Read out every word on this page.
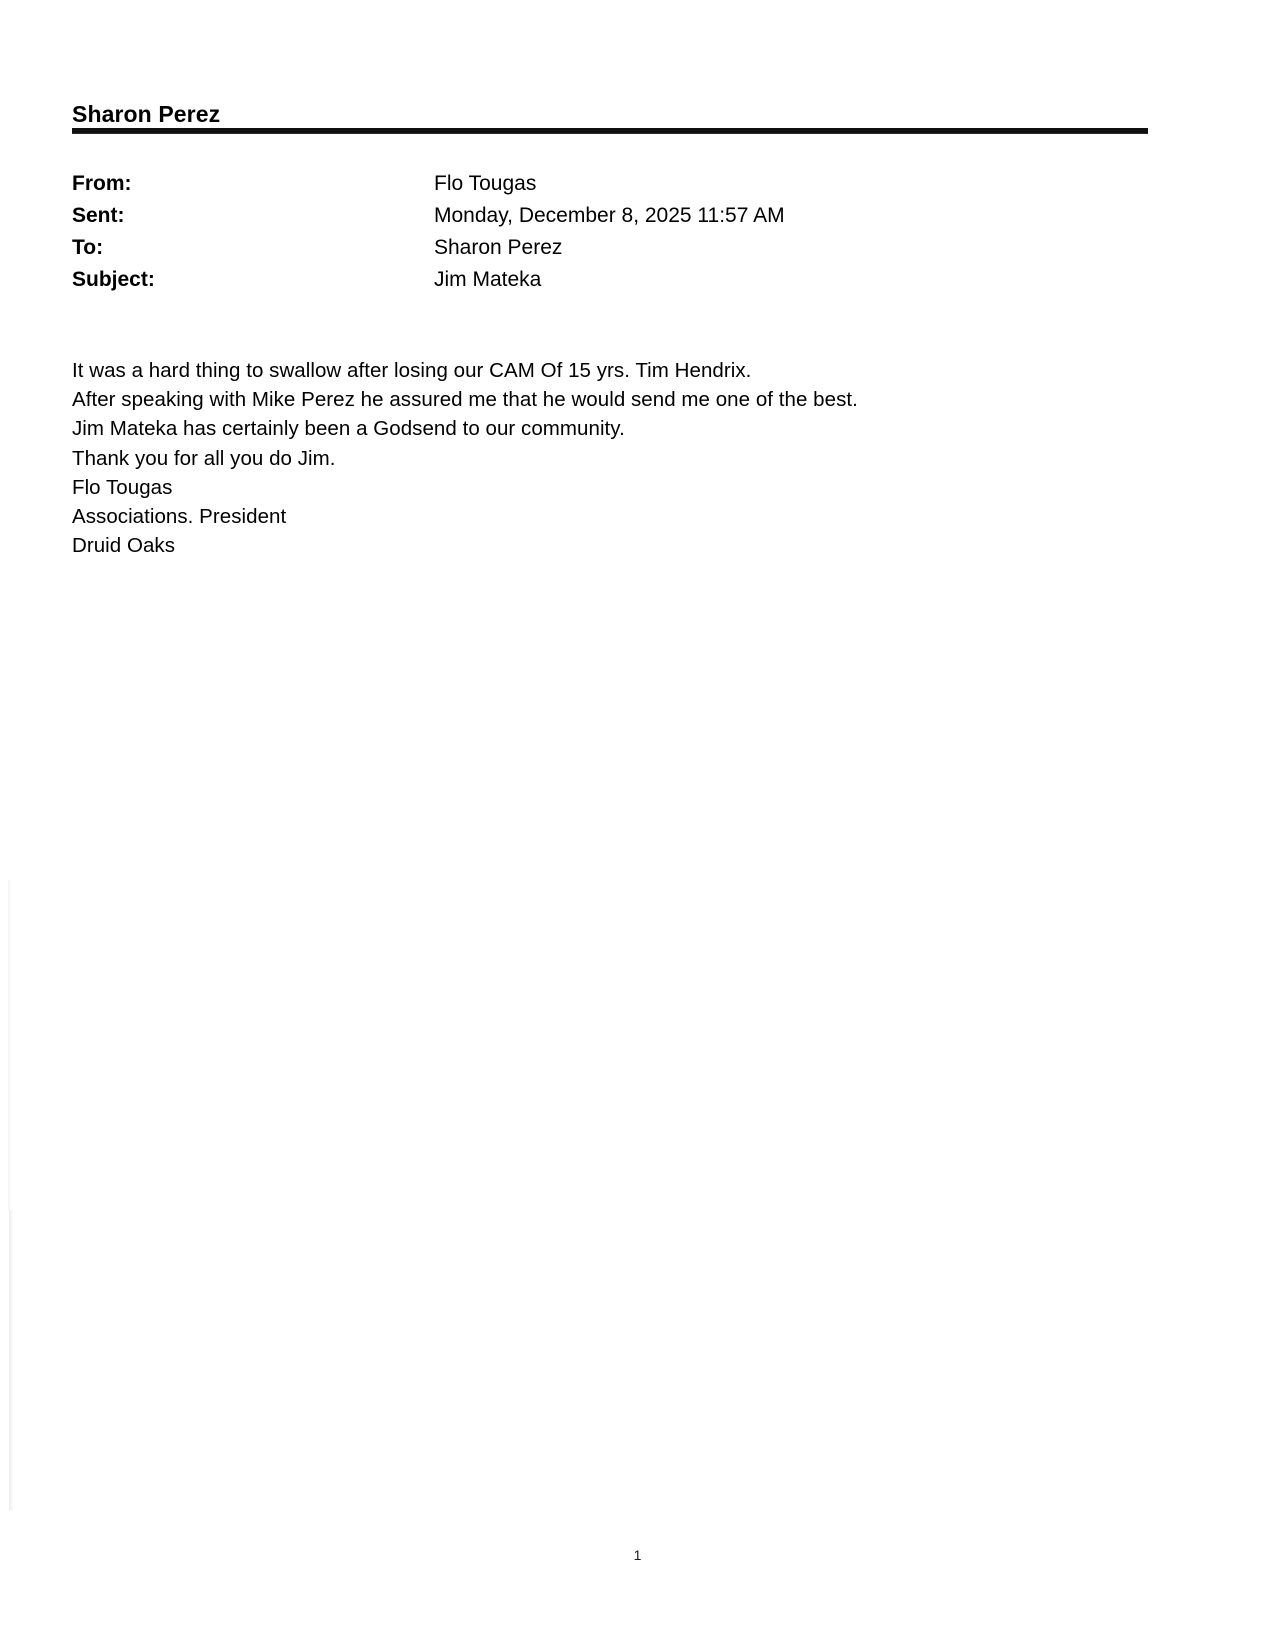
Sharon Perez
From:	Flo Tougas
Sent:	Monday, December 8, 2025 11:57 AM
To:	Sharon Perez
Subject:	Jim Mateka
It was a hard thing to swallow after losing our CAM Of 15 yrs. Tim Hendrix.
After speaking with Mike Perez he assured me that he would send me one of the best.
Jim Mateka has certainly been a Godsend to our community.
Thank you for all you do Jim.
Flo Tougas
Associations. President
Druid Oaks
1
